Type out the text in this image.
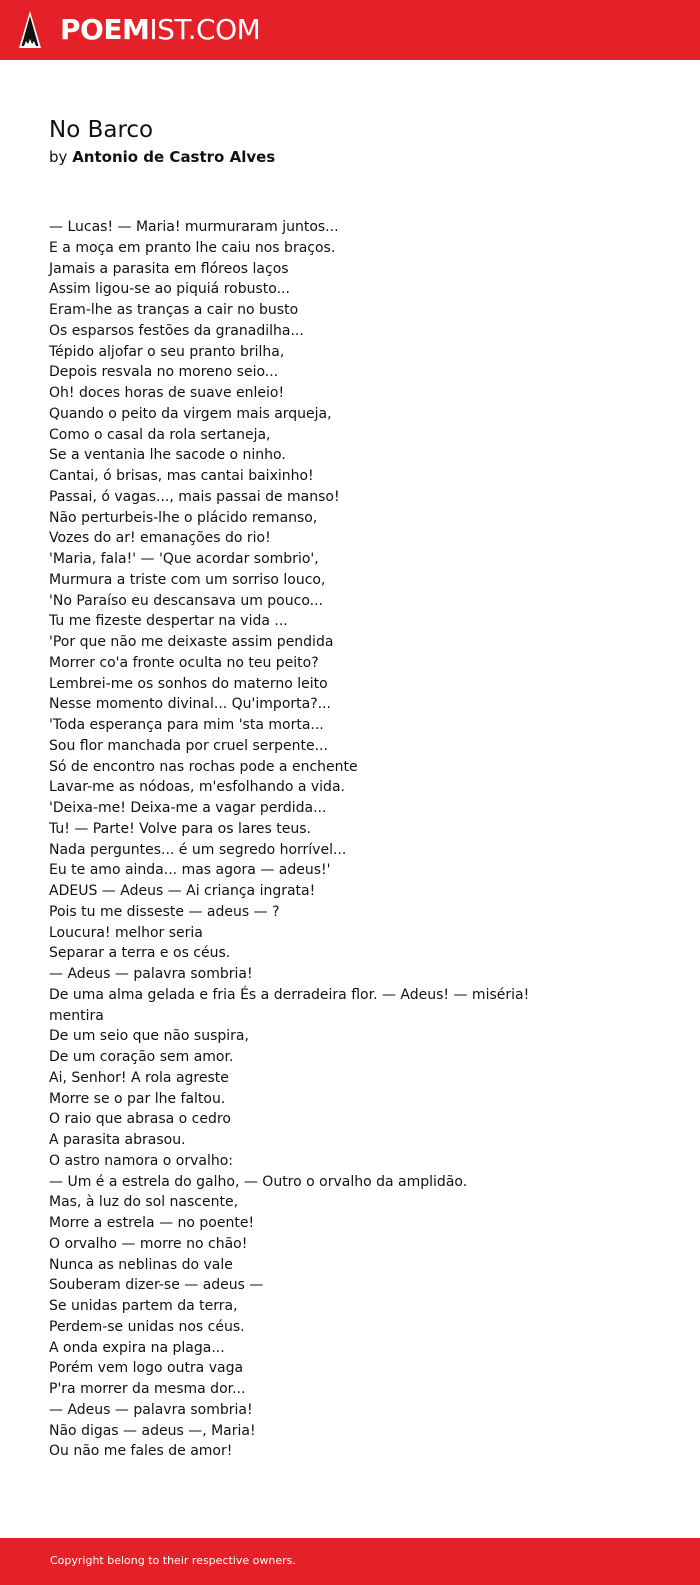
POEMIST.COM
No Barco

by Antonio de Castro Alves

— Lucas! — Maria! murmuraram juntos...
E a moça em pranto lhe caiu nos braços.
Jamais a parasita em flóreos laços
Assim ligou-se ao piquiá robusto...
Eram-lhe as tranças a cair no busto
Os esparsos festões da granadilha...
Tépido aljofar o seu pranto brilha,
Depois resvala no moreno seio...
Oh! doces horas de suave enleio!
Quando o peito da virgem mais arqueja,
Como o casal da rola sertaneja,
Se a ventania lhe sacode o ninho.
Cantai, ó brisas, mas cantai baixinho!
Passai, ó vagas..., mais passai de manso!
Não perturbeis-lhe o plácido remanso,
Vozes do ar! emanações do rio!
'Maria, fala!' — 'Que acordar sombrio',
Murmura a triste com um sorriso louco,
'No Paraíso eu descansava um pouco...
Tu me fizeste despertar na vida ...
'Por que não me deixaste assim pendida
Morrer co'a fronte oculta no teu peito?
Lembrei-me os sonhos do materno leito
Nesse momento divinal... Qu'importa?...
'Toda esperança para mim 'sta morta...
Sou flor manchada por cruel serpente...
Só de encontro nas rochas pode a enchente
Lavar-me as nódoas, m'esfolhando a vida.
'Deixa-me! Deixa-me a vagar perdida...
Tu! — Parte! Volve para os lares teus.
Nada perguntes... é um segredo horrível...
Eu te amo ainda... mas agora — adeus!'
ADEUS — Adeus — Ai criança ingrata!
Pois tu me disseste — adeus — ?
Loucura! melhor seria
Separar a terra e os céus.
— Adeus — palavra sombria!
De uma alma gelada e fria És a derradeira flor. — Adeus! — miséria!
mentira
De um seio que não suspira,
De um coração sem amor.
Ai, Senhor! A rola agreste
Morre se o par lhe faltou.
O raio que abrasa o cedro
A parasita abrasou.
O astro namora o orvalho:
— Um é a estrela do galho, — Outro o orvalho da amplidão.
Mas, à luz do sol nascente,
Morre a estrela — no poente!
O orvalho — morre no chão!
Nunca as neblinas do vale
Souberam dizer-se — adeus —
Se unidas partem da terra,
Perdem-se unidas nos céus.
A onda expira na plaga...
Porém vem logo outra vaga
P'ra morrer da mesma dor...
— Adeus — palavra sombria!
Não digas — adeus —, Maria!
Ou não me fales de amor!
Copyright belong to their respective owners.
